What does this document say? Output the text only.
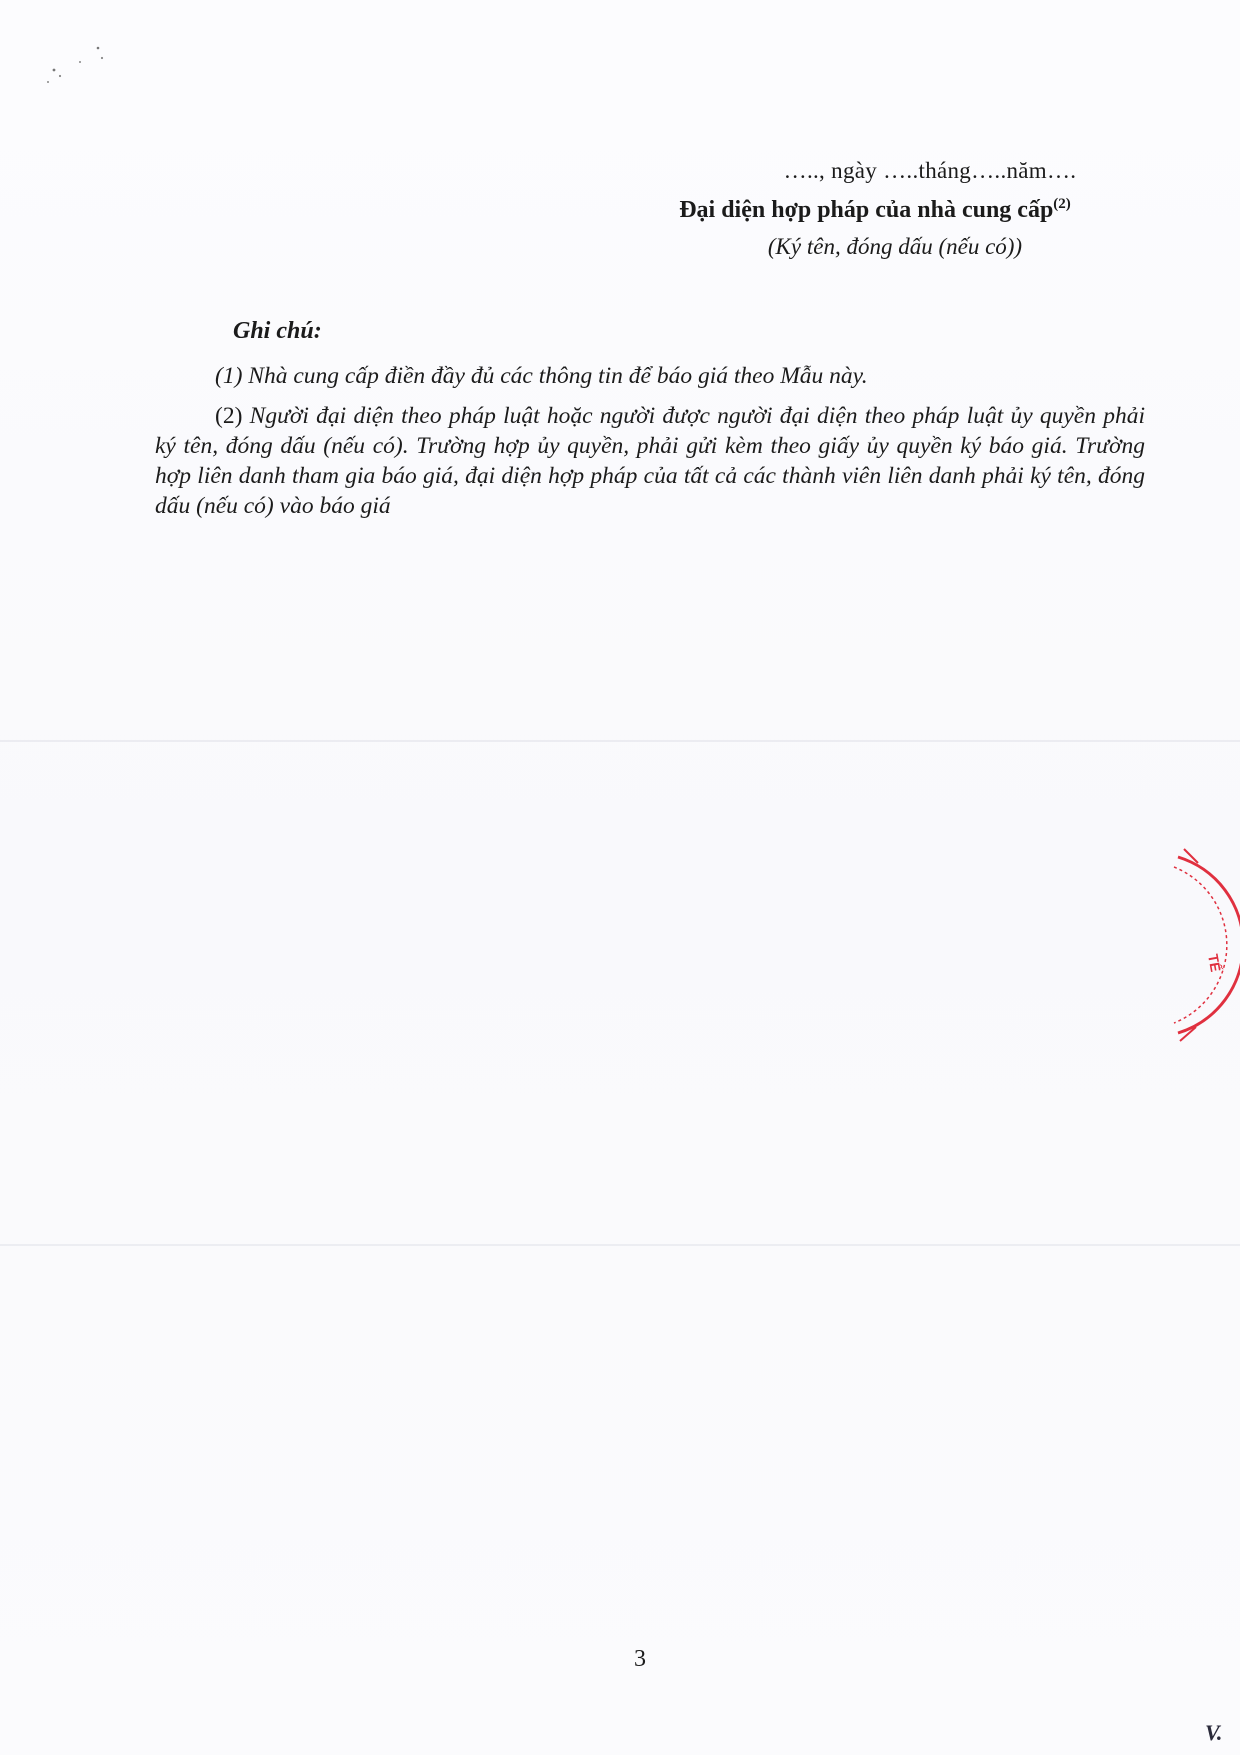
….., ngày …..tháng…..năm….
Đại diện hợp pháp của nhà cung cấp$^{(2)}$
(Ký tên, đóng dấu (nếu có))
Ghi chú:
(1) Nhà cung cấp điền đầy đủ các thông tin để báo giá theo Mẫu này.
(2) Người đại diện theo pháp luật hoặc người được người đại diện theo pháp luật ủy quyền phải ký tên, đóng dấu (nếu có). Trường hợp ủy quyền, phải gửi kèm theo giấy ủy quyền ký báo giá. Trường hợp liên danh tham gia báo giá, đại diện hợp pháp của tất cả các thành viên liên danh phải ký tên, đóng dấu (nếu có) vào báo giá
TẾ
3
V.
